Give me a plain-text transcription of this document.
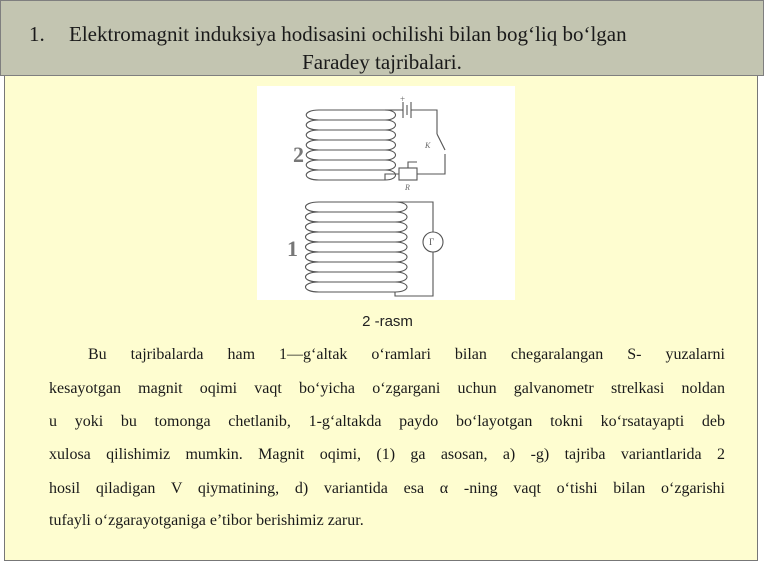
1. Elektromagnit induksiya hodisasini ochilishi bilan bog‘liq bo‘lgan
Faradey tajribalari.
2
1
+
K
R
Г
2 -rasm
Bu tajribalarda ham 1—g‘altak o‘ramlari bilan chegaralangan S- yuzalarni
kesayotgan magnit oqimi vaqt bo‘yicha o‘zgargani uchun galvanometr strelkasi noldan
u yoki bu tomonga chetlanib, 1-g‘altakda paydo bo‘layotgan tokni ko‘rsatayapti deb
xulosa qilishimiz mumkin. Magnit oqimi, (1) ga asosan, a) -g) tajriba variantlarida 2
hosil qiladigan V qiymatining, d) variantida esa α -ning vaqt o‘tishi bilan o‘zgarishi
tufayli o‘zgarayotganiga e’tibor berishimiz zarur.
